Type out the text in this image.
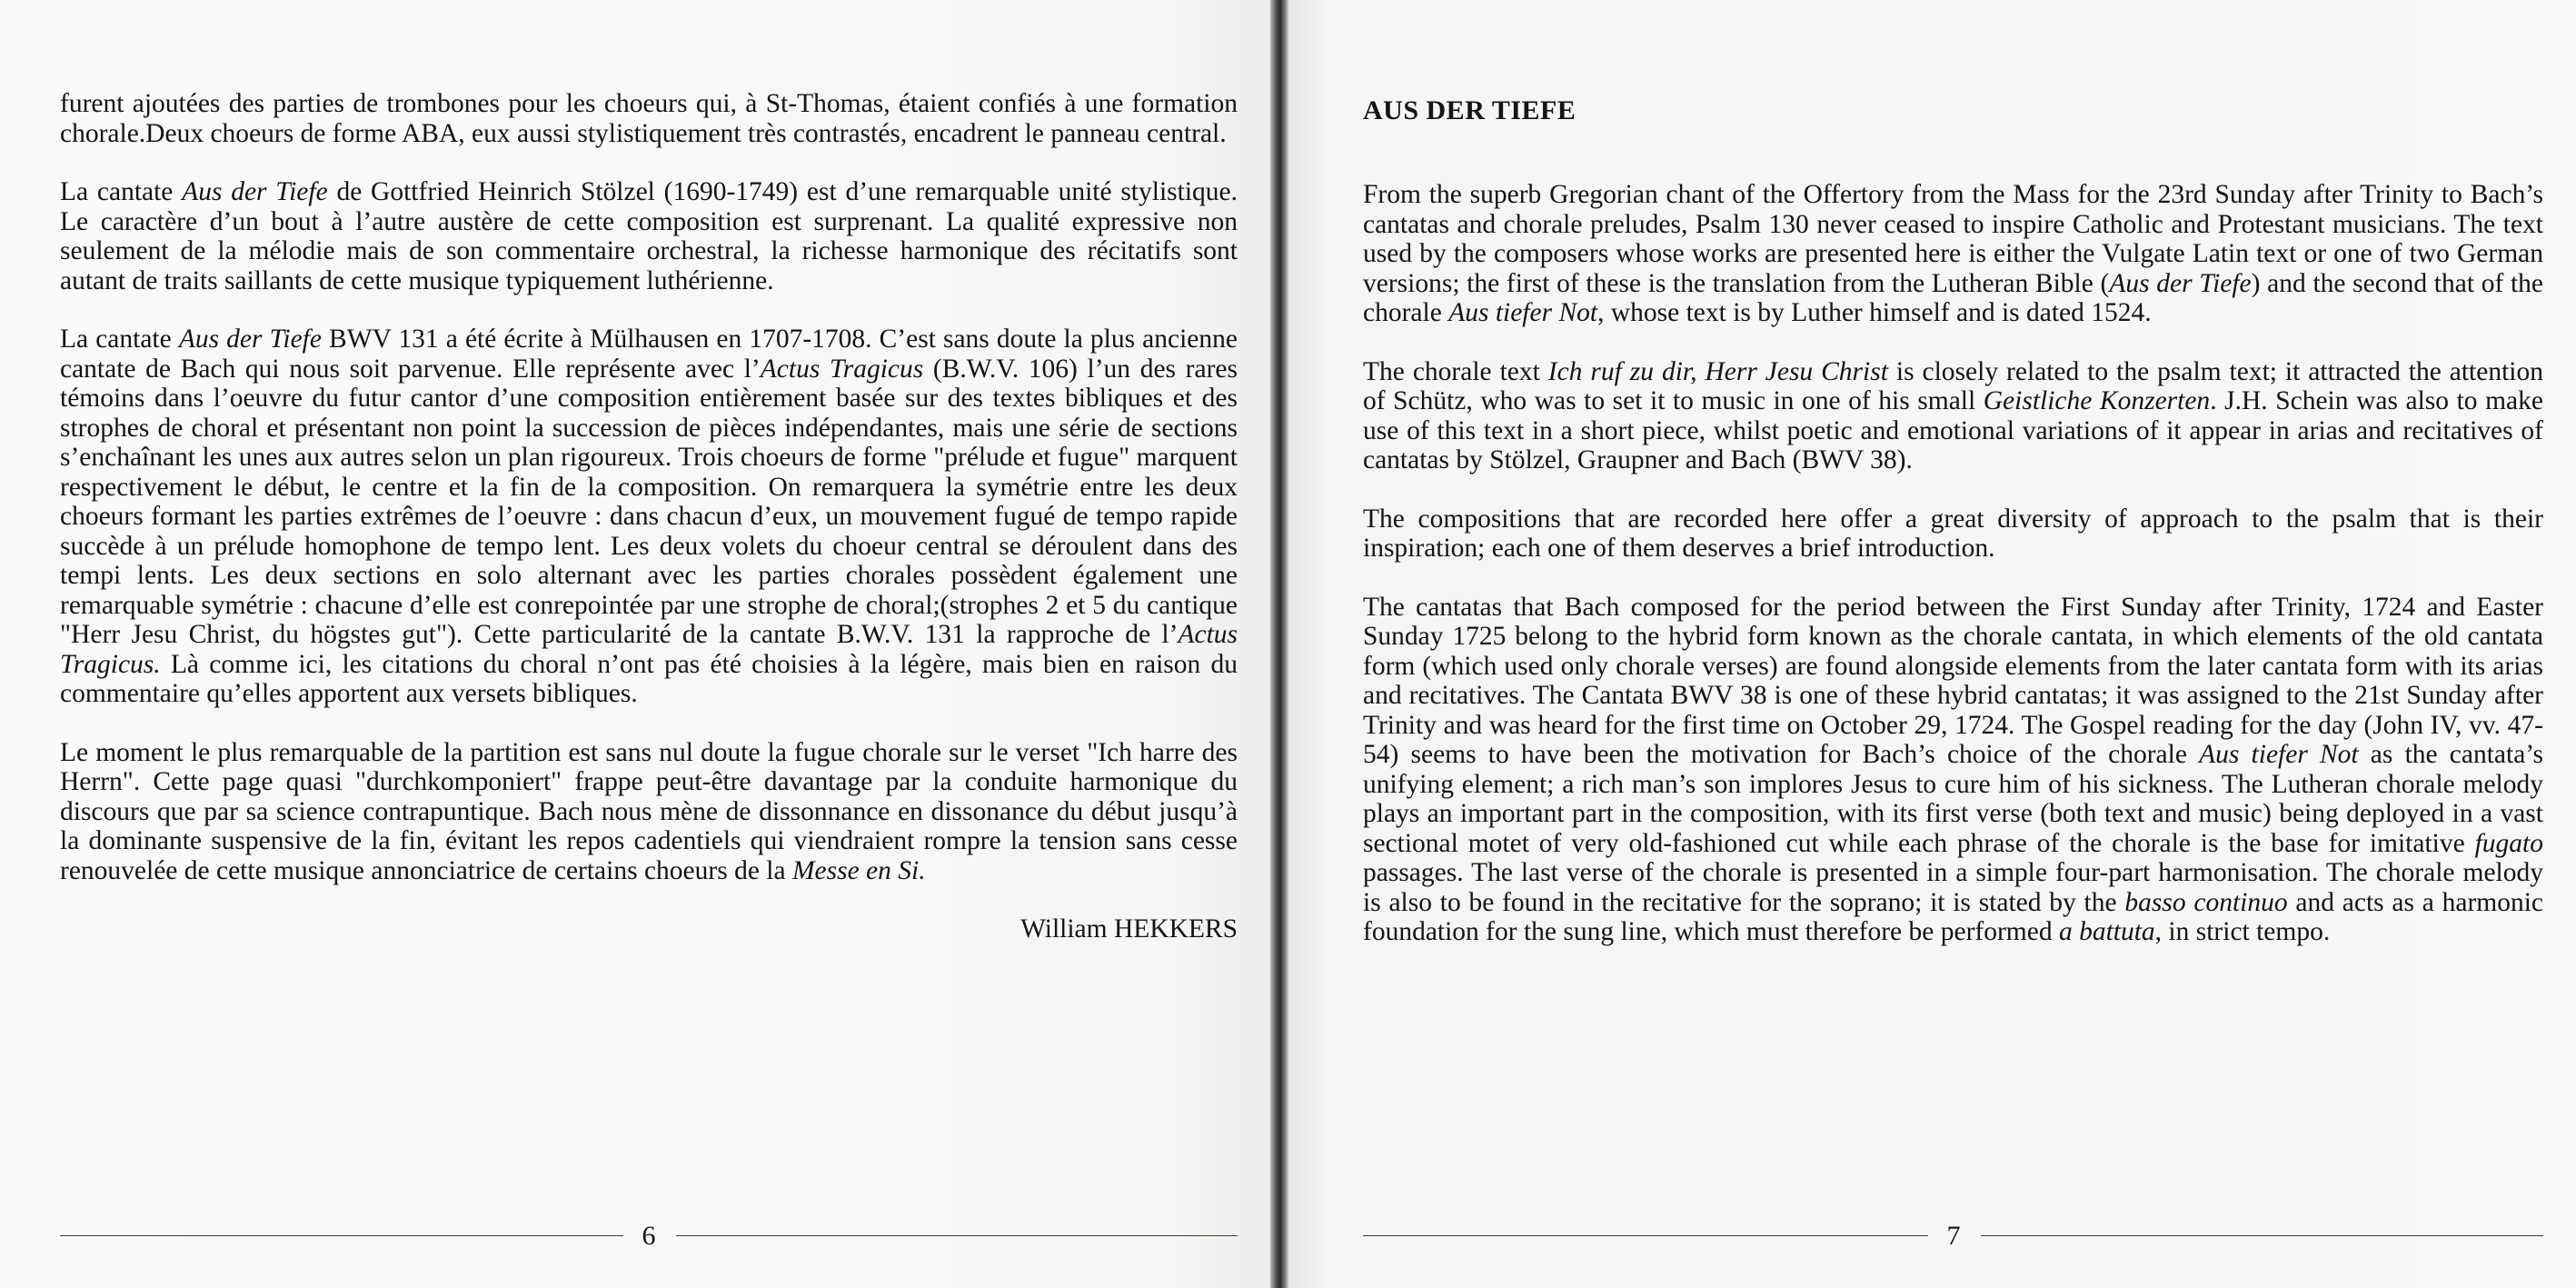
furent ajoutées des parties de trombones pour les choeurs qui, à St-Thomas, étaient confiés à une formation chorale.Deux choeurs de forme ABA, eux aussi stylistiquement très contrastés, encadrent le panneau central.

La cantate Aus der Tiefe de Gottfried Heinrich Stölzel (1690-1749) est d’une remarquable unité stylistique. Le caractère d’un bout à l’autre austère de cette composition est surprenant. La qualité expressive non seulement de la mélodie mais de son commentaire orchestral, la richesse harmonique des récitatifs sont autant de traits saillants de cette musique typiquement luthérienne.

La cantate Aus der Tiefe BWV 131 a été écrite à Mülhausen en 1707-1708. C’est sans doute la plus ancienne cantate de Bach qui nous soit parvenue. Elle représente avec l’Actus Tragicus (B.W.V. 106) l’un des rares témoins dans l’oeuvre du futur cantor d’une composition entièrement basée sur des textes bibliques et des strophes de choral et présentant non point la succession de pièces indépendantes, mais une série de sections s’enchaînant les unes aux autres selon un plan rigoureux. Trois choeurs de forme "prélude et fugue" marquent respectivement le début, le centre et la fin de la composition. On remarquera la symétrie entre les deux choeurs formant les parties extrêmes de l’oeuvre : dans chacun d’eux, un mouvement fugué de tempo rapide succède à un prélude homophone de tempo lent. Les deux volets du choeur central se déroulent dans des tempi lents. Les deux sections en solo alternant avec les parties chorales possèdent également une remarquable symétrie : chacune d’elle est conrepointée par une strophe de choral;(strophes 2 et 5 du cantique "Herr Jesu Christ, du högstes gut"). Cette particularité de la cantate B.W.V. 131 la rapproche de l’Actus Tragicus. Là comme ici, les citations du choral n’ont pas été choisies à la légère, mais bien en raison du commentaire qu’elles apportent aux versets bibliques.

Le moment le plus remarquable de la partition est sans nul doute la fugue chorale sur le verset "Ich harre des Herrn". Cette page quasi "durchkomponiert" frappe peut-être davantage par la conduite harmonique du discours que par sa science contrapuntique. Bach nous mène de dissonnance en dissonance du début jusqu’à la dominante suspensive de la fin, évitant les repos cadentiels qui viendraient rompre la tension sans cesse renouvelée de cette musique annonciatrice de certains choeurs de la Messe en Si.

William HEKKERS
6
AUS DER TIEFE

From the superb Gregorian chant of the Offertory from the Mass for the 23rd Sunday after Trinity to Bach’s cantatas and chorale preludes, Psalm 130 never ceased to inspire Catholic and Protestant musicians. The text used by the composers whose works are presented here is either the Vulgate Latin text or one of two German versions; the first of these is the translation from the Lutheran Bible (Aus der Tiefe) and the second that of the chorale Aus tiefer Not, whose text is by Luther himself and is dated 1524.

The chorale text Ich ruf zu dir, Herr Jesu Christ is closely related to the psalm text; it attracted the attention of Schütz, who was to set it to music in one of his small Geistliche Konzerten. J.H. Schein was also to make use of this text in a short piece, whilst poetic and emotional variations of it appear in arias and recitatives of cantatas by Stölzel, Graupner and Bach (BWV 38).

The compositions that are recorded here offer a great diversity of approach to the psalm that is their inspiration; each one of them deserves a brief introduction.

The cantatas that Bach composed for the period between the First Sunday after Trinity, 1724 and Easter Sunday 1725 belong to the hybrid form known as the chorale cantata, in which elements of the old cantata form (which used only chorale verses) are found alongside elements from the later cantata form with its arias and recitatives. The Cantata BWV 38 is one of these hybrid cantatas; it was assigned to the 21st Sunday after Trinity and was heard for the first time on October 29, 1724. The Gospel reading for the day (John IV, vv. 47-54) seems to have been the motivation for Bach’s choice of the chorale Aus tiefer Not as the cantata’s unifying element; a rich man’s son implores Jesus to cure him of his sickness. The Lutheran chorale melody plays an important part in the composition, with its first verse (both text and music) being deployed in a vast sectional motet of very old-fashioned cut while each phrase of the chorale is the base for imitative fugato passages. The last verse of the chorale is presented in a simple four-part harmonisation. The chorale melody is also to be found in the recitative for the soprano; it is stated by the basso continuo and acts as a harmonic foundation for the sung line, which must therefore be performed a battuta, in strict tempo.

7
